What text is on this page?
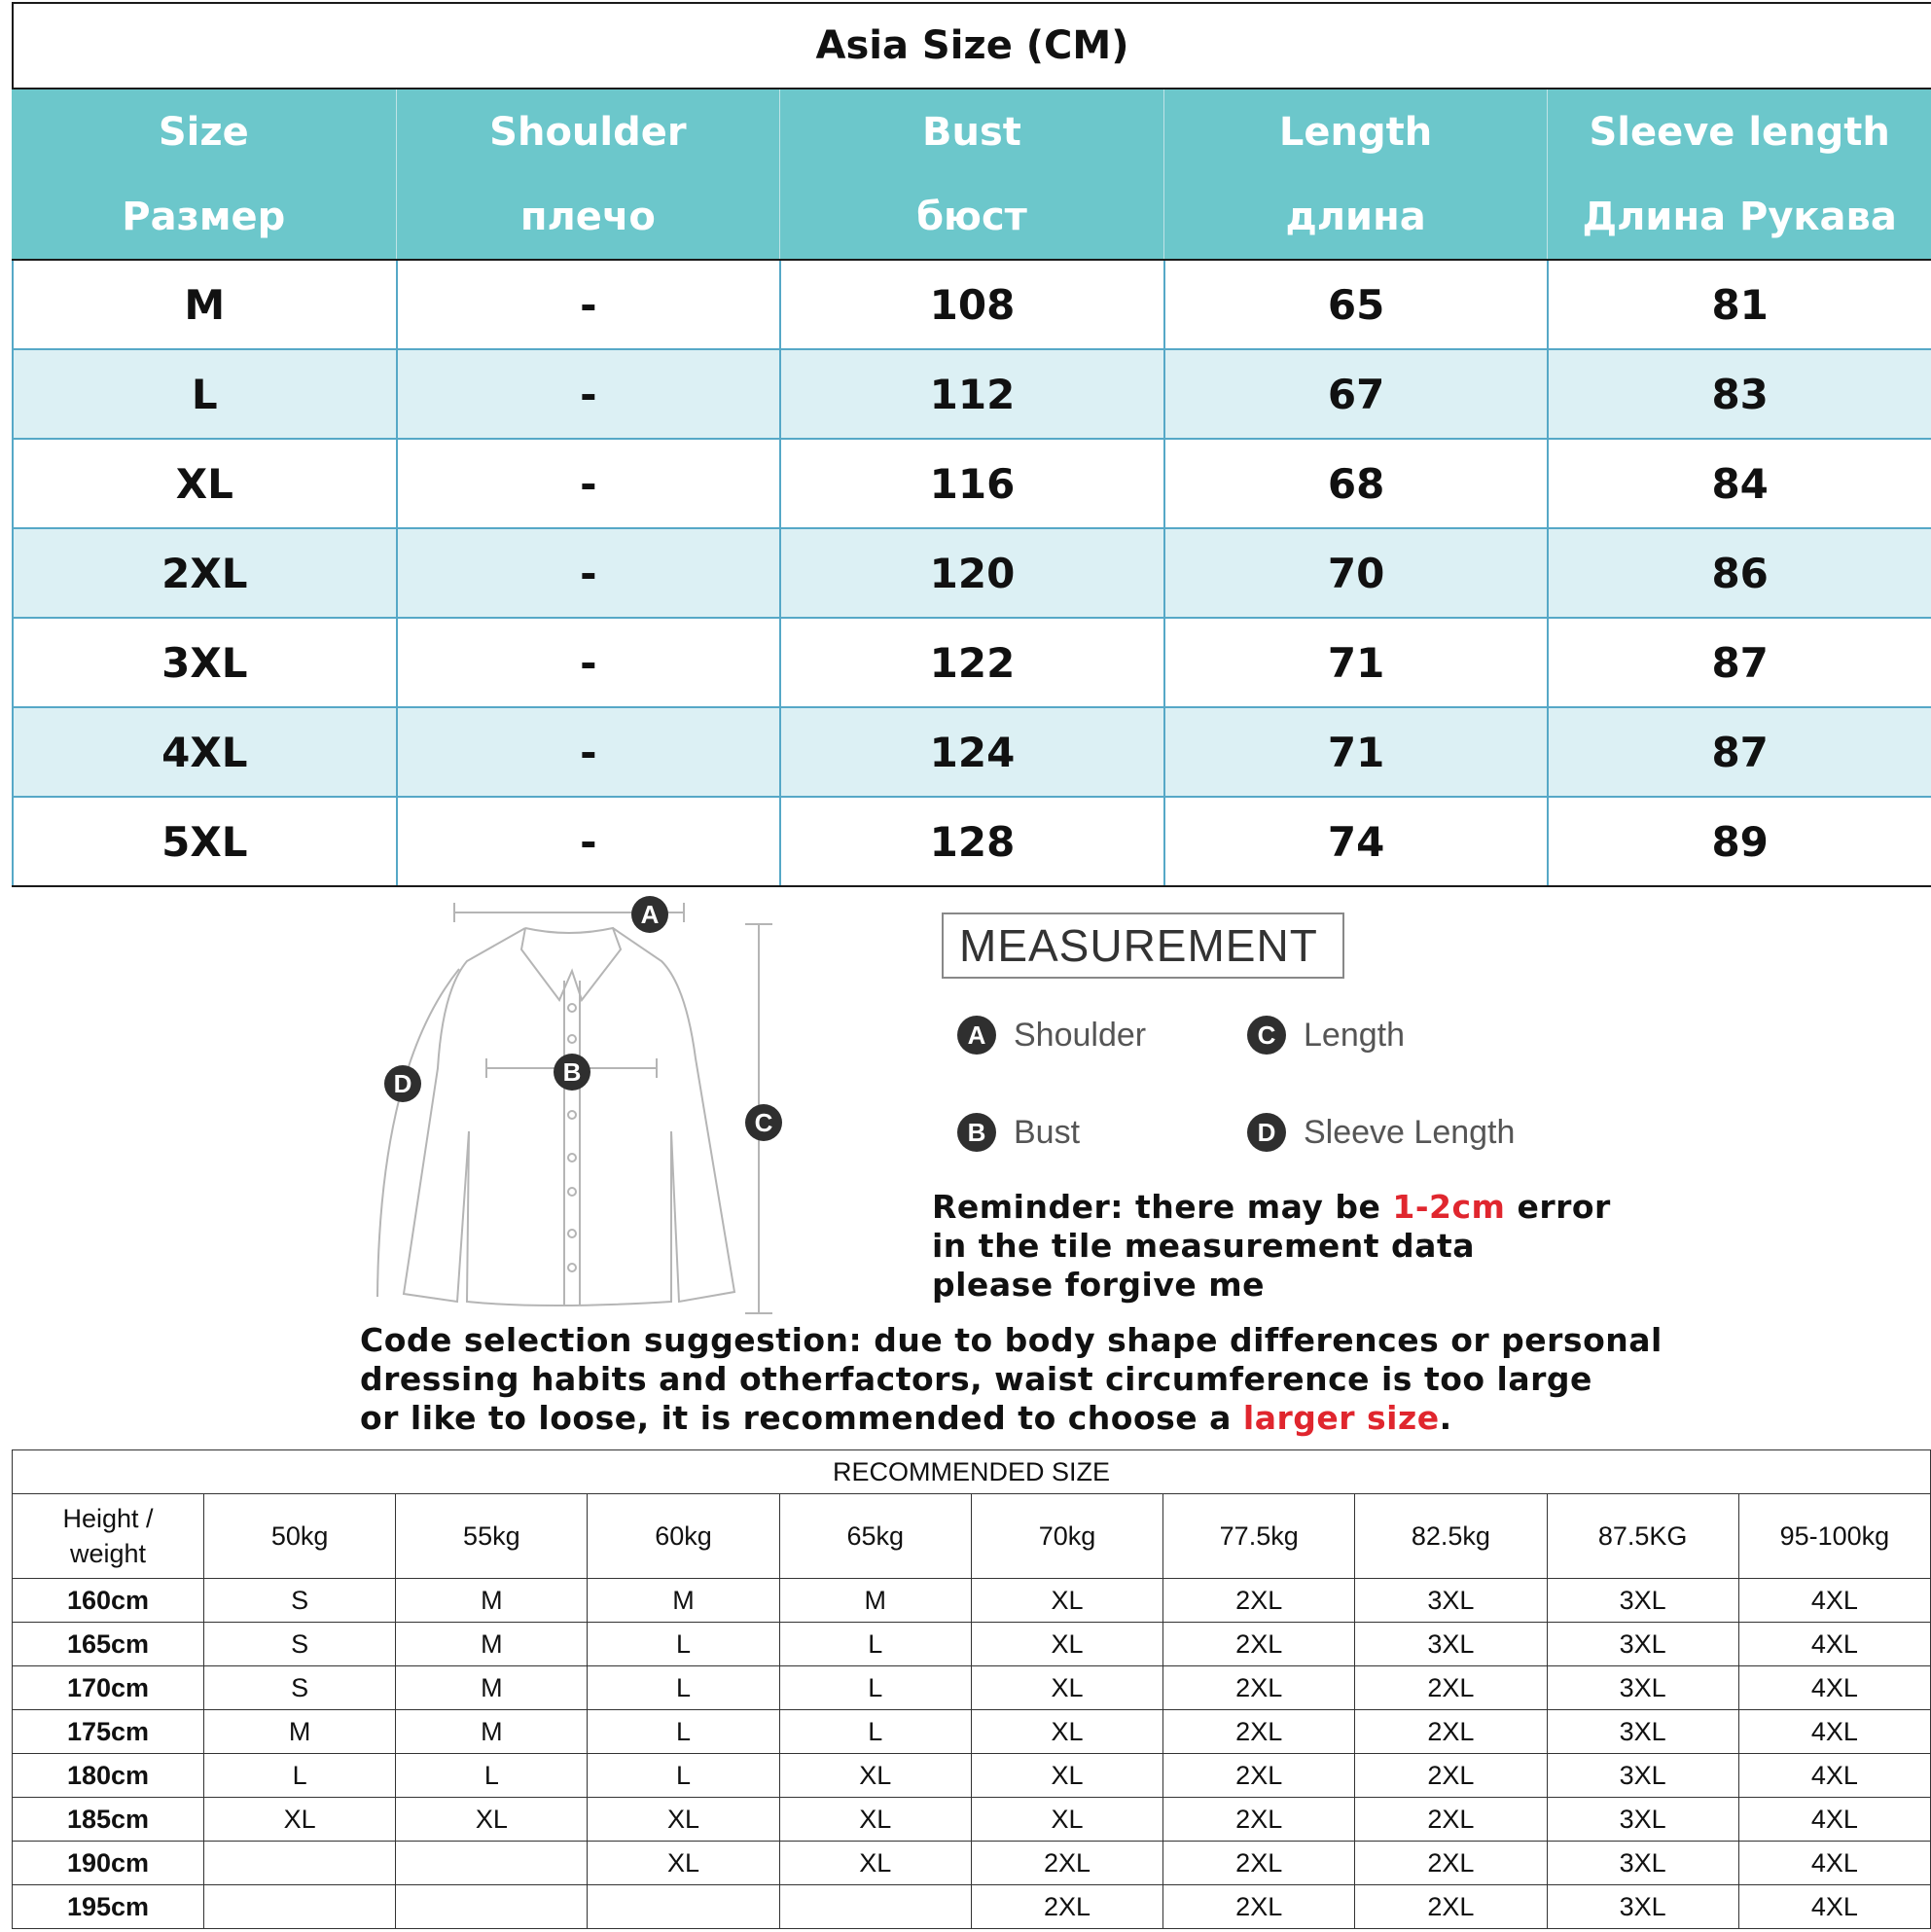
Asia Size (CM)
Size	Shoulder	Bust	Length	Sleeve length
Размер	плечо	бюст	длина	Длина Рукава
M	-	108	65	81
L	-	112	67	83
XL	-	116	68	84
2XL	-	120	70	86
3XL	-	122	71	87
4XL	-	124	71	87
5XL	-	128	74	89
A
B
C
D
MEASUREMENT
A Shoulder	C Length
B Bust	D Sleeve Length
Reminder: there may be 1-2cm error
in the tile measurement data
please forgive me
Code selection suggestion: due to body shape differences or personal
dressing habits and otherfactors, waist circumference is too large
or like to loose, it is recommended to choose a larger size.
RECOMMENDED SIZE									

Height /
weight	50kg	55kg	60kg	65kg	70kg	77.5kg	82.5kg	87.5KG	95-100kg
160cm	S	M	M	M	XL	2XL	3XL	3XL	4XL
165cm	S	M	L	L	XL	2XL	3XL	3XL	4XL
170cm	S	M	L	L	XL	2XL	2XL	3XL	4XL
175cm	M	M	L	L	XL	2XL	2XL	3XL	4XL
180cm	L	L	L	XL	XL	2XL	2XL	3XL	4XL
185cm	XL	XL	XL	XL	XL	2XL	2XL	3XL	4XL
190cm			XL	XL	2XL	2XL	2XL	3XL	4XL
195cm					2XL	2XL	2XL	3XL	4XL
